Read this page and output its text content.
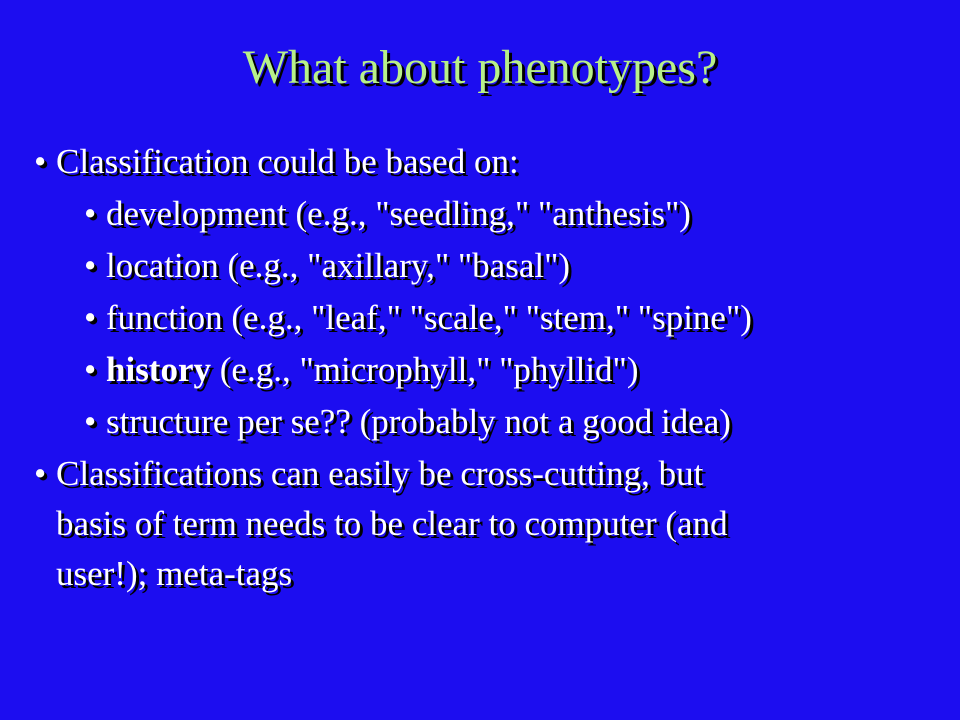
What about phenotypes?
• Classification could be based on:
• development (e.g., "seedling," "anthesis")
• location (e.g., "axillary," "basal")
• function (e.g., "leaf," "scale," "stem," "spine")
• history (e.g., "microphyll," "phyllid")
• structure per se?? (probably not a good idea)
• Classifications can easily be cross-cutting, but
basis of term needs to be clear to computer (and
user!); meta-tags
